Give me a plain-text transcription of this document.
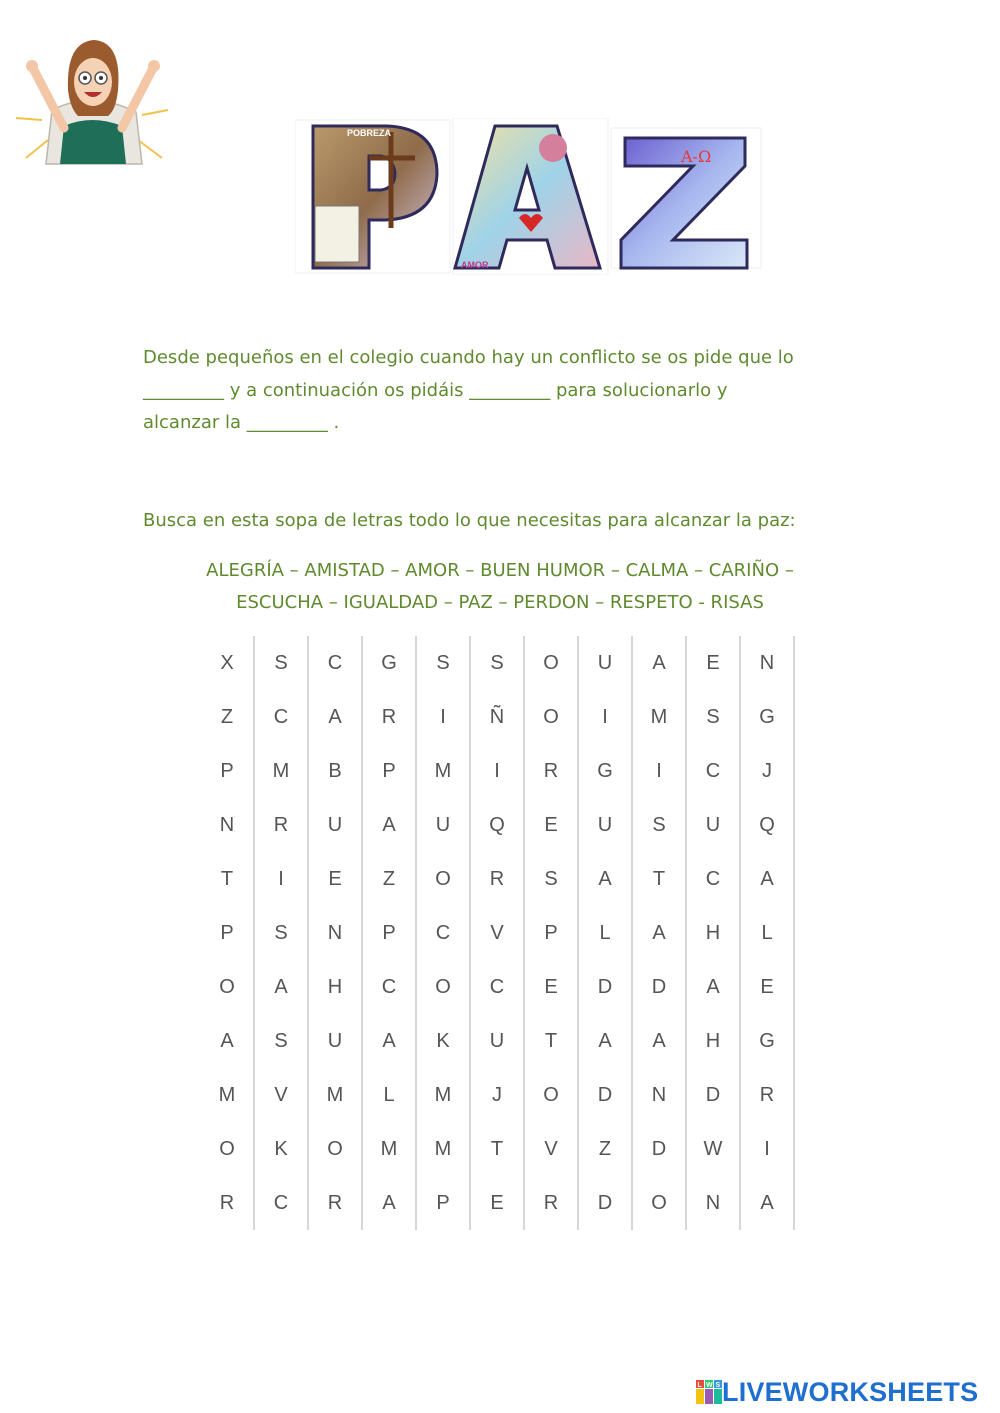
POBREZA
AMOR
A-Ω
Desde pequeños en el colegio cuando hay un conflicto se os pide que lo
_________ y a continuación os pidáis _________ para solucionarlo y
alcanzar la _________ .
Busca en esta sopa de letras todo lo que necesitas para alcanzar la paz:
ALEGRÍA – AMISTAD – AMOR – BUEN HUMOR – CALMA – CARIÑO –
ESCUCHA – IGUALDAD – PAZ – PERDON – RESPETO - RISAS
X	S	C	G	S	S	O	U	A	E	N
Z	C	A	R	I	Ñ	O	I	M	S	G
P	M	B	P	M	I	R	G	I	C	J
N	R	U	A	U	Q	E	U	S	U	Q
T	I	E	Z	O	R	S	A	T	C	A
P	S	N	P	C	V	P	L	A	H	L
O	A	H	C	O	C	E	D	D	A	E
A	S	U	A	K	U	T	A	A	H	G
M	V	M	L	M	J	O	D	N	D	R
O	K	O	M	M	T	V	Z	D	W	I
R	C	R	A	P	E	R	D	O	N	A
L W S LIVEWORKSHEETS
